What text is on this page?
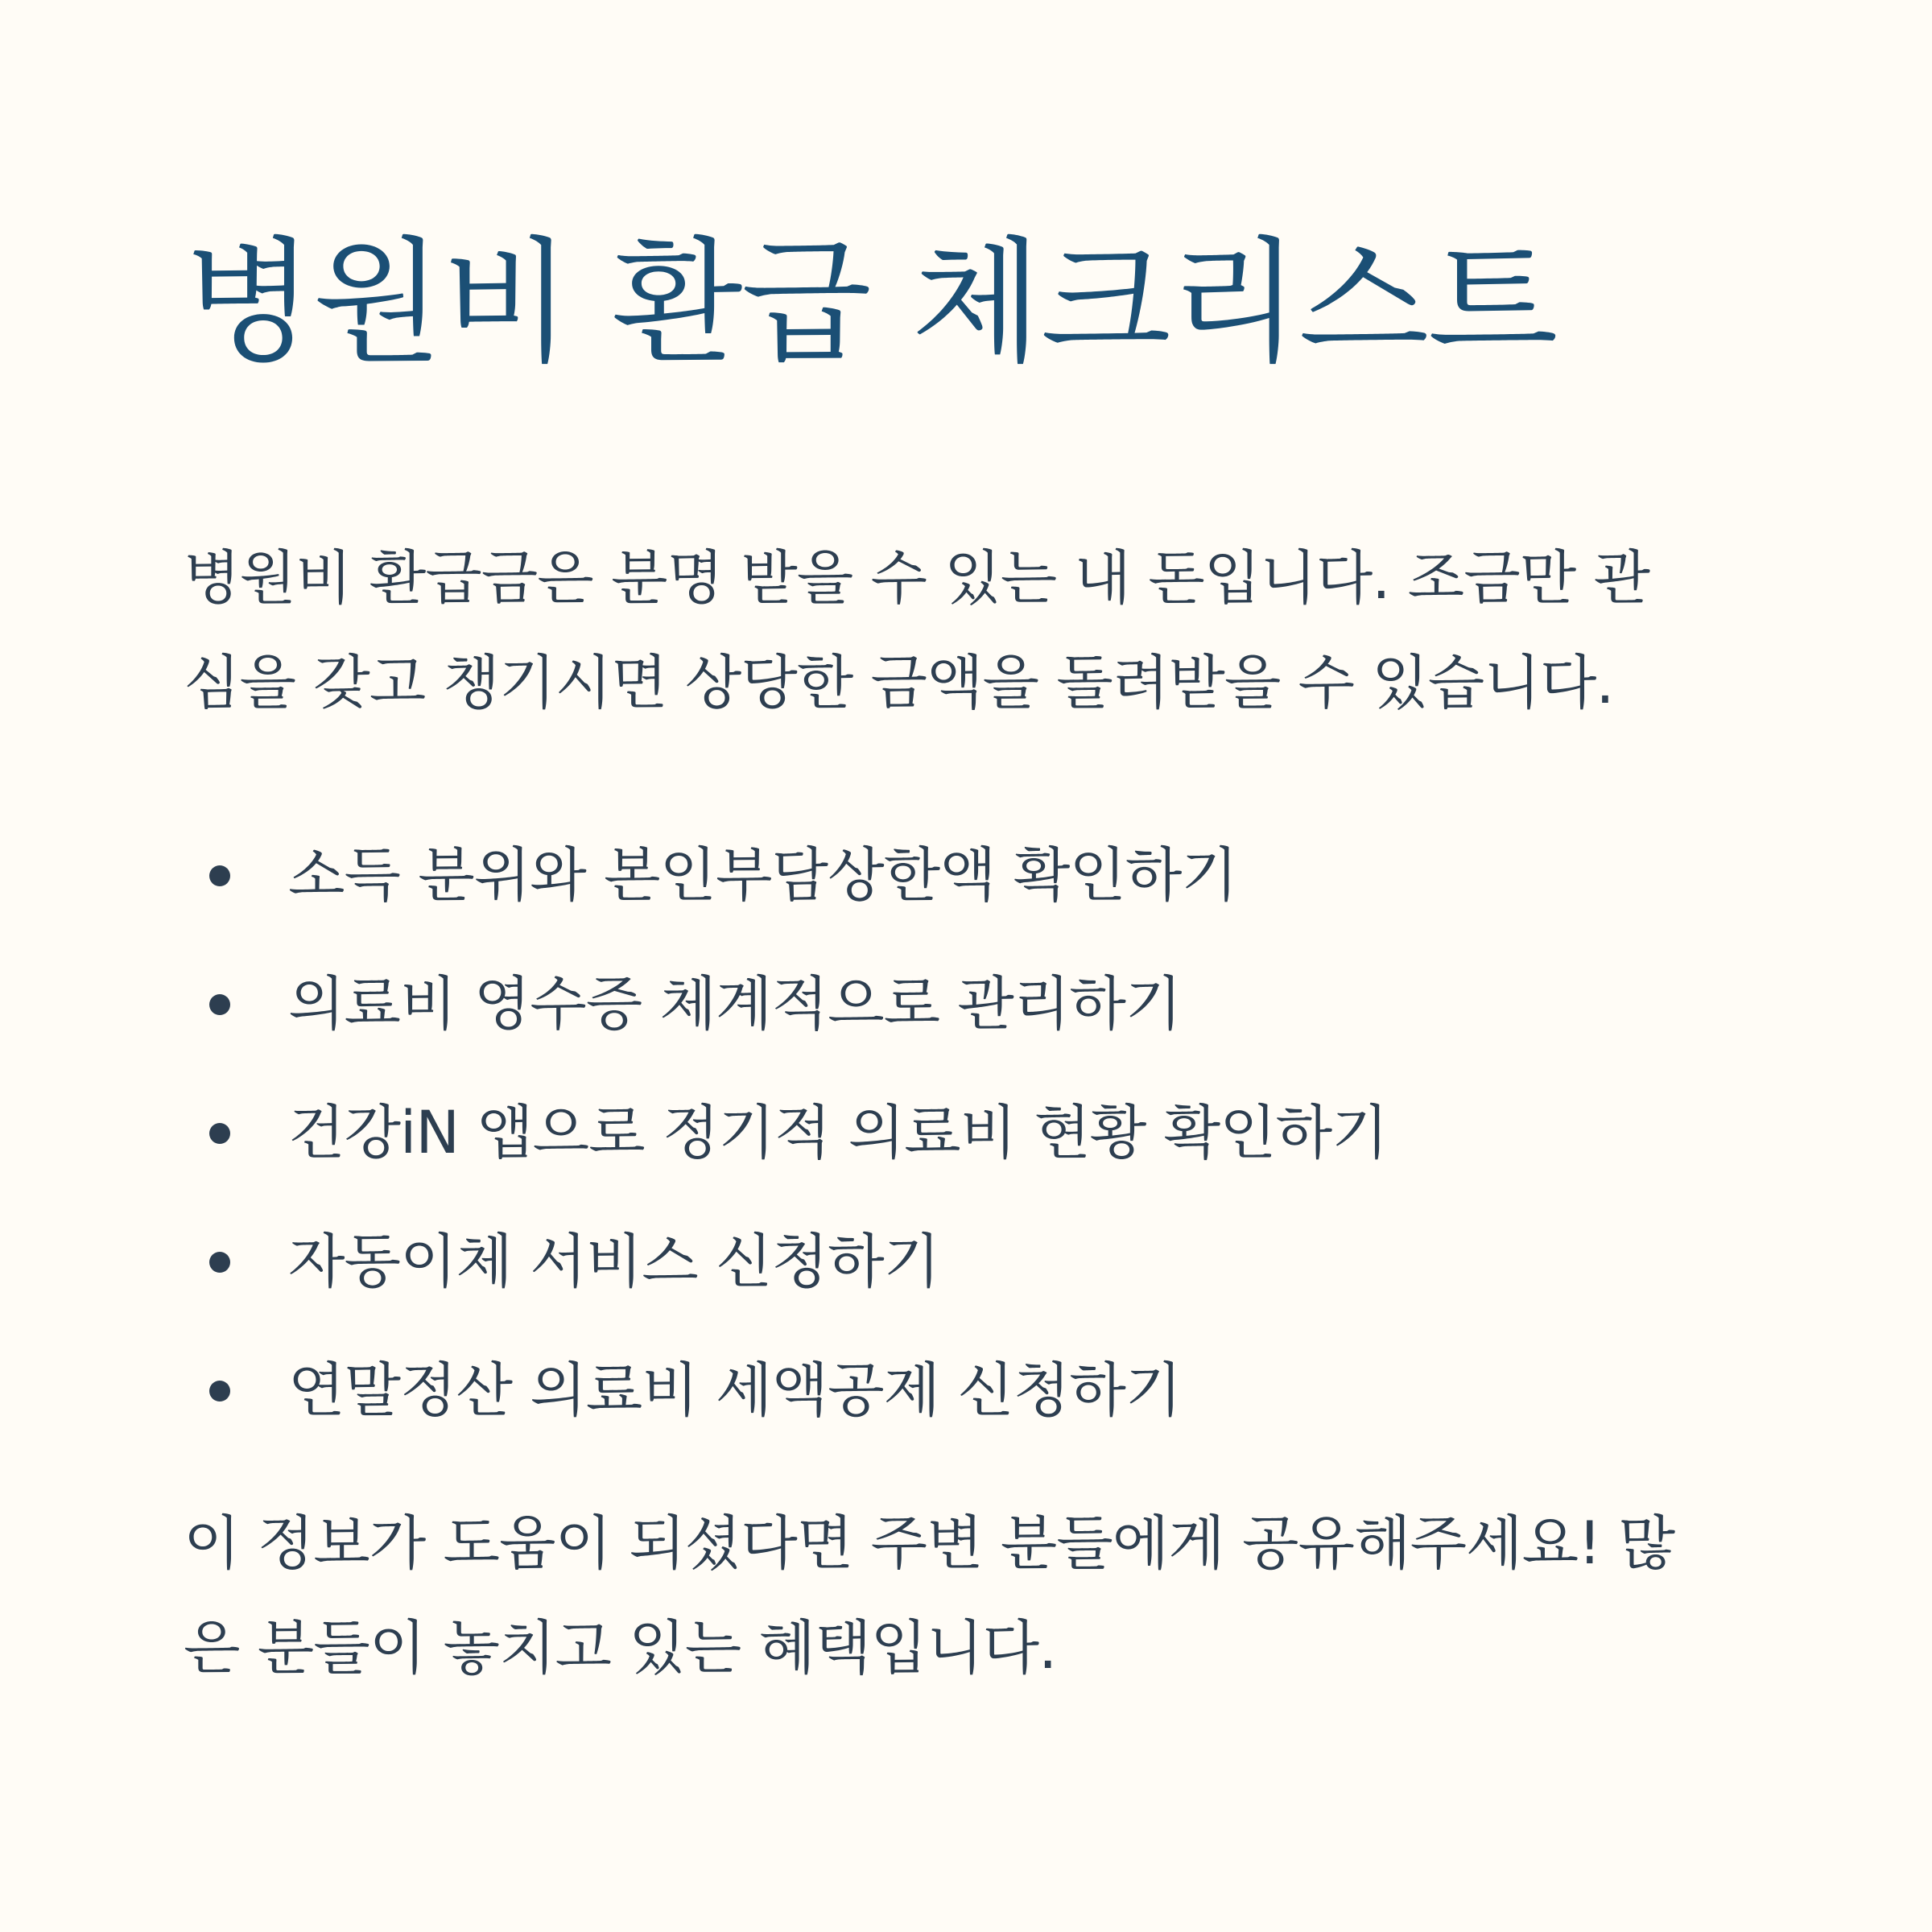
병원비 환급 체크리스트

병원비 환급금은 분명 받을 수 있는 내 돈입니다. 조금만 관
심을 갖고 챙기시면 상당한 금액을 돌려받을 수 있습니다.

소득 분위와 본인부담상한액 확인하기
의료비 영수증 체계적으로 관리하기
건강iN 앱으로 정기적 의료비 현황 확인하기
자동이체 서비스 신청하기
연말정산 의료비 세액공제 신청하기

이 정보가 도움이 되셨다면 주변 분들에게 공유해주세요! 많
은 분들이 놓치고 있는 혜택입니다.
